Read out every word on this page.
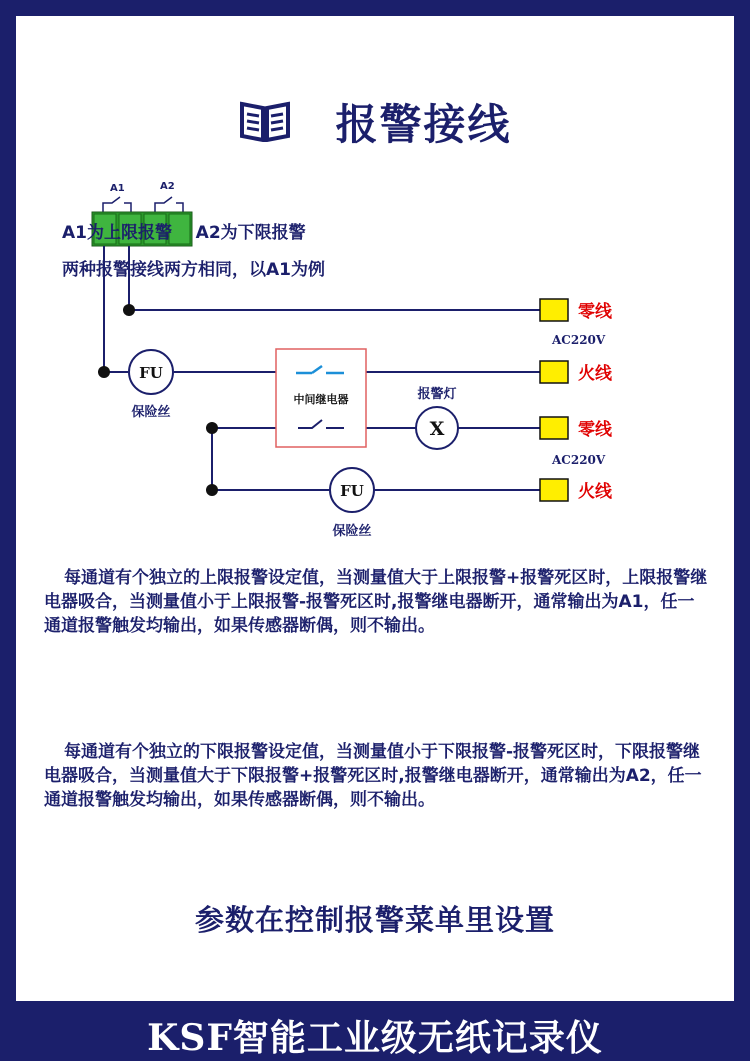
报警接线
A1	A2
FU
保险丝
中间继电器	报警灯
X
FU
保险丝
零线
AC220V
火线
零线
AC220V
火线
A1为上限报警    A2为下限报警
两种报警接线两方相同，以A1为例
每通道有个独立的上限报警设定值，当测量值大于上限报警+报警死区时，上限报警继电器吸合，当测量值小于上限报警-报警死区时,报警继电器断开，通常输出为A1，任一通道报警触发均输出，如果传感器断偶，则不输出。
每通道有个独立的下限报警设定值，当测量值小于下限报警-报警死区时，下限报警继电器吸合，当测量值大于下限报警+报警死区时,报警继电器断开，通常输出为A2，任一通道报警触发均输出，如果传感器断偶，则不输出。
参数在控制报警菜单里设置
KSF智能工业级无纸记录仪
